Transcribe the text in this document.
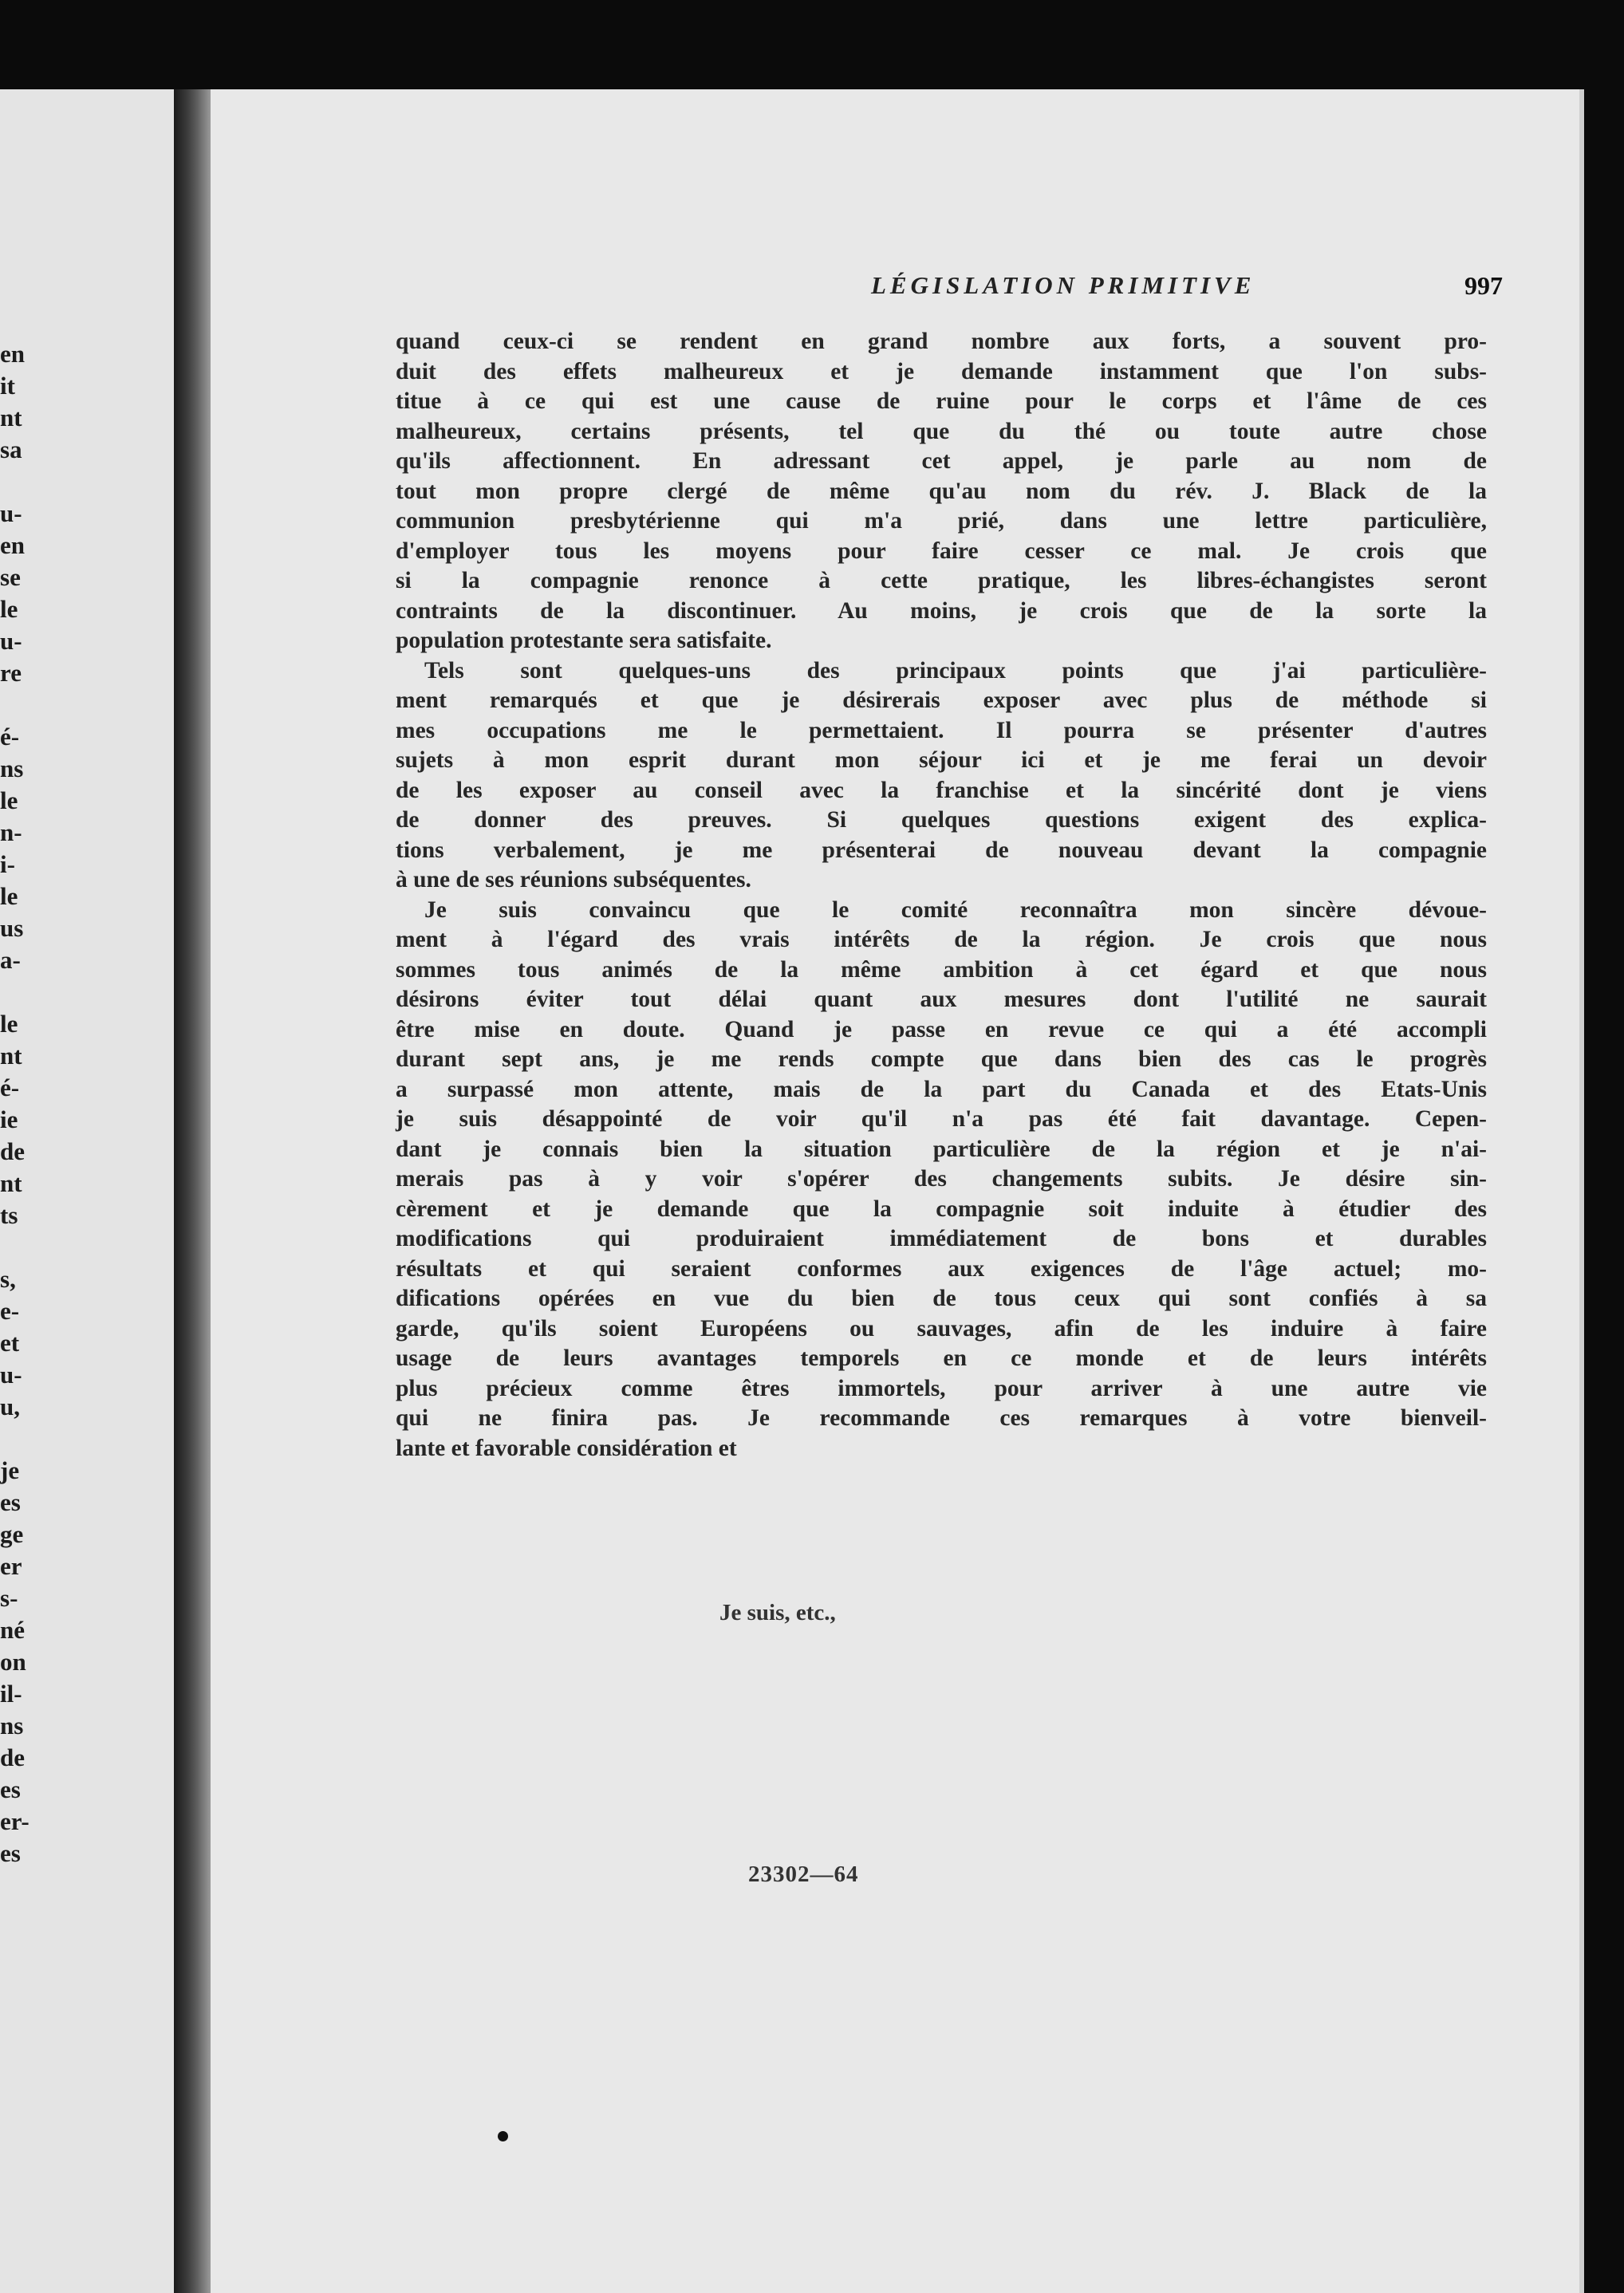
en
it
nt
sa
u-
en
se
le
u-
re
é-
ns
le
n-
i-
le
us
a-
le
nt
é-
ie
de
nt
ts
s,
e-
et
u-
u,
je
es
ge
er
s-
né
on
il-
ns
de
es
er-
es
LÉGISLATION PRIMITIVE	997
quand ceux-ci se rendent en grand nombre aux forts, a souvent pro-
duit des effets malheureux et je demande instamment que l'on subs-
titue à ce qui est une cause de ruine pour le corps et l'âme de ces
malheureux, certains présents, tel que du thé ou toute autre chose
qu'ils affectionnent. En adressant cet appel, je parle au nom de
tout mon propre clergé de même qu'au nom du rév. J. Black de la
communion presbytérienne qui m'a prié, dans une lettre particulière,
d'employer tous les moyens pour faire cesser ce mal. Je crois que
si la compagnie renonce à cette pratique, les libres-échangistes seront
contraints de la discontinuer. Au moins, je crois que de la sorte la
population protestante sera satisfaite.
Tels sont quelques-uns des principaux points que j'ai particulière-
ment remarqués et que je désirerais exposer avec plus de méthode si
mes occupations me le permettaient. Il pourra se présenter d'autres
sujets à mon esprit durant mon séjour ici et je me ferai un devoir
de les exposer au conseil avec la franchise et la sincérité dont je viens
de donner des preuves. Si quelques questions exigent des explica-
tions verbalement, je me présenterai de nouveau devant la compagnie
à une de ses réunions subséquentes.
Je suis convaincu que le comité reconnaîtra mon sincère dévoue-
ment à l'égard des vrais intérêts de la région. Je crois que nous
sommes tous animés de la même ambition à cet égard et que nous
désirons éviter tout délai quant aux mesures dont l'utilité ne saurait
être mise en doute. Quand je passe en revue ce qui a été accompli
durant sept ans, je me rends compte que dans bien des cas le progrès
a surpassé mon attente, mais de la part du Canada et des Etats-Unis
je suis désappointé de voir qu'il n'a pas été fait davantage. Cepen-
dant je connais bien la situation particulière de la région et je n'ai-
merais pas à y voir s'opérer des changements subits. Je désire sin-
cèrement et je demande que la compagnie soit induite à étudier des
modifications qui produiraient immédiatement de bons et durables
résultats et qui seraient conformes aux exigences de l'âge actuel; mo-
difications opérées en vue du bien de tous ceux qui sont confiés à sa
garde, qu'ils soient Européens ou sauvages, afin de les induire à faire
usage de leurs avantages temporels en ce monde et de leurs intérêts
plus précieux comme êtres immortels, pour arriver à une autre vie
qui ne finira pas. Je recommande ces remarques à votre bienveil-
lante et favorable considération et
Je suis, etc.,
23302—64
